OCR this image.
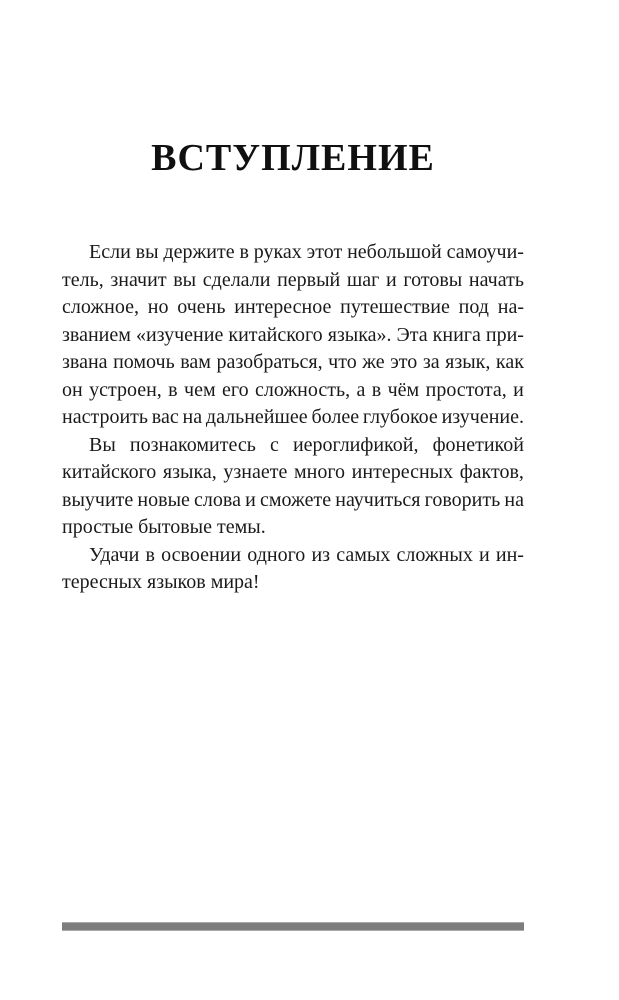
ВСТУПЛЕНИЕ
Если вы держите в руках этот небольшой самоучи-
тель, значит вы сделали первый шаг и готовы начать
сложное, но очень интересное путешествие под на-
званием «изучение китайского языка». Эта книга при-
звана помочь вам разобраться, что же это за язык, как
он устроен, в чем его сложность, а в чём простота, и
настроить вас на дальнейшее более глубокое изучение.
Вы познакомитесь с иероглификой, фонетикой
китайского языка, узнаете много интересных фактов,
выучите новые слова и сможете научиться говорить на
простые бытовые темы.
Удачи в освоении одного из самых сложных и ин-
тересных языков мира!
